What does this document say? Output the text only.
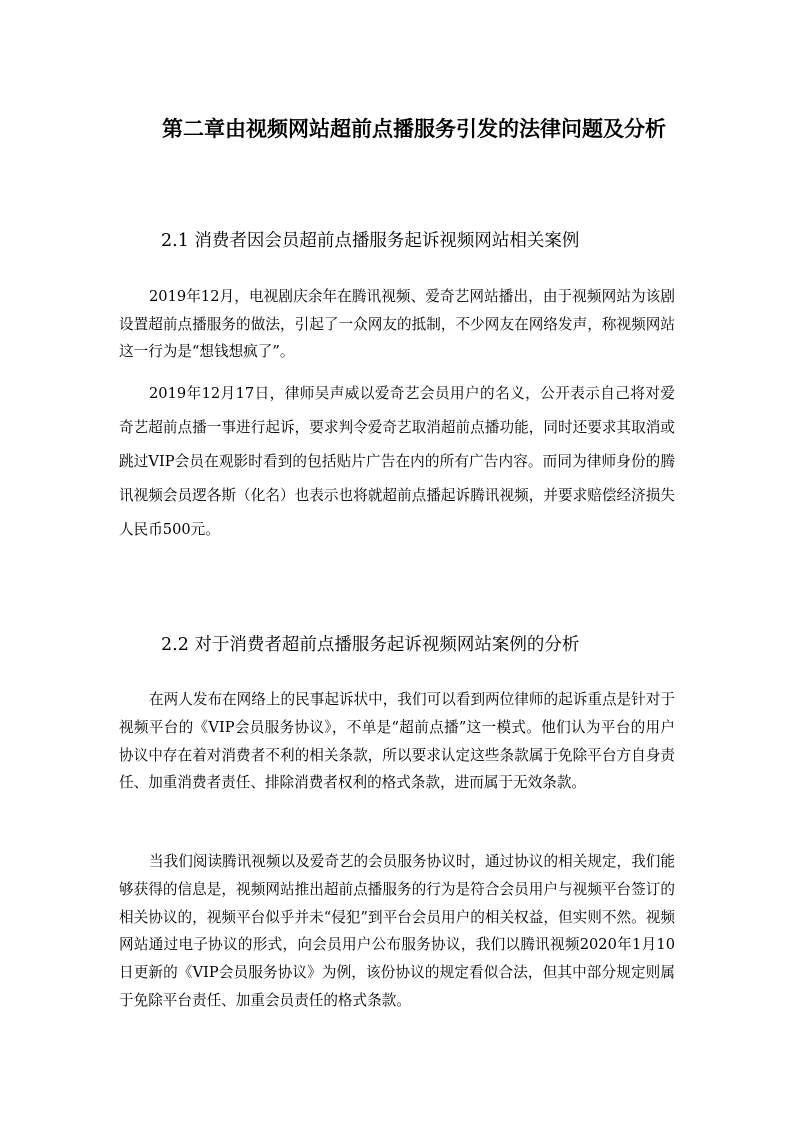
第二章由视频网站超前点播服务引发的法律问题及分析
2.1 消费者因会员超前点播服务起诉视频网站相关案例

2019年12月，电视剧庆余年在腾讯视频、爱奇艺网站播出，由于视频网站为该剧设置超前点播服务的做法，引起了一众网友的抵制，不少网友在网络发声，称视频网站这一行为是“想钱想疯了”。

2019年12月17日，律师吴声威以爱奇艺会员用户的名义，公开表示自己将对爱奇艺超前点播一事进行起诉，要求判令爱奇艺取消超前点播功能，同时还要求其取消或跳过VIP会员在观影时看到的包括贴片广告在内的所有广告内容。而同为律师身份的腾讯视频会员逻各斯（化名）也表示也将就超前点播起诉腾讯视频，并要求赔偿经济损失人民币500元。

2.2 对于消费者超前点播服务起诉视频网站案例的分析

在两人发布在网络上的民事起诉状中，我们可以看到两位律师的起诉重点是针对于视频平台的《VIP会员服务协议》，不单是“超前点播”这一模式。他们认为平台的用户协议中存在着对消费者不利的相关条款，所以要求认定这些条款属于免除平台方自身责任、加重消费者责任、排除消费者权利的格式条款，进而属于无效条款。

当我们阅读腾讯视频以及爱奇艺的会员服务协议时，通过协议的相关规定，我们能够获得的信息是，视频网站推出超前点播服务的行为是符合会员用户与视频平台签订的相关协议的，视频平台似乎并未“侵犯”到平台会员用户的相关权益，但实则不然。视频网站通过电子协议的形式，向会员用户公布服务协议，我们以腾讯视频2020年1月10日更新的《VIP会员服务协议》为例，该份协议的规定看似合法，但其中部分规定则属于免除平台责任、加重会员责任的格式条款。
